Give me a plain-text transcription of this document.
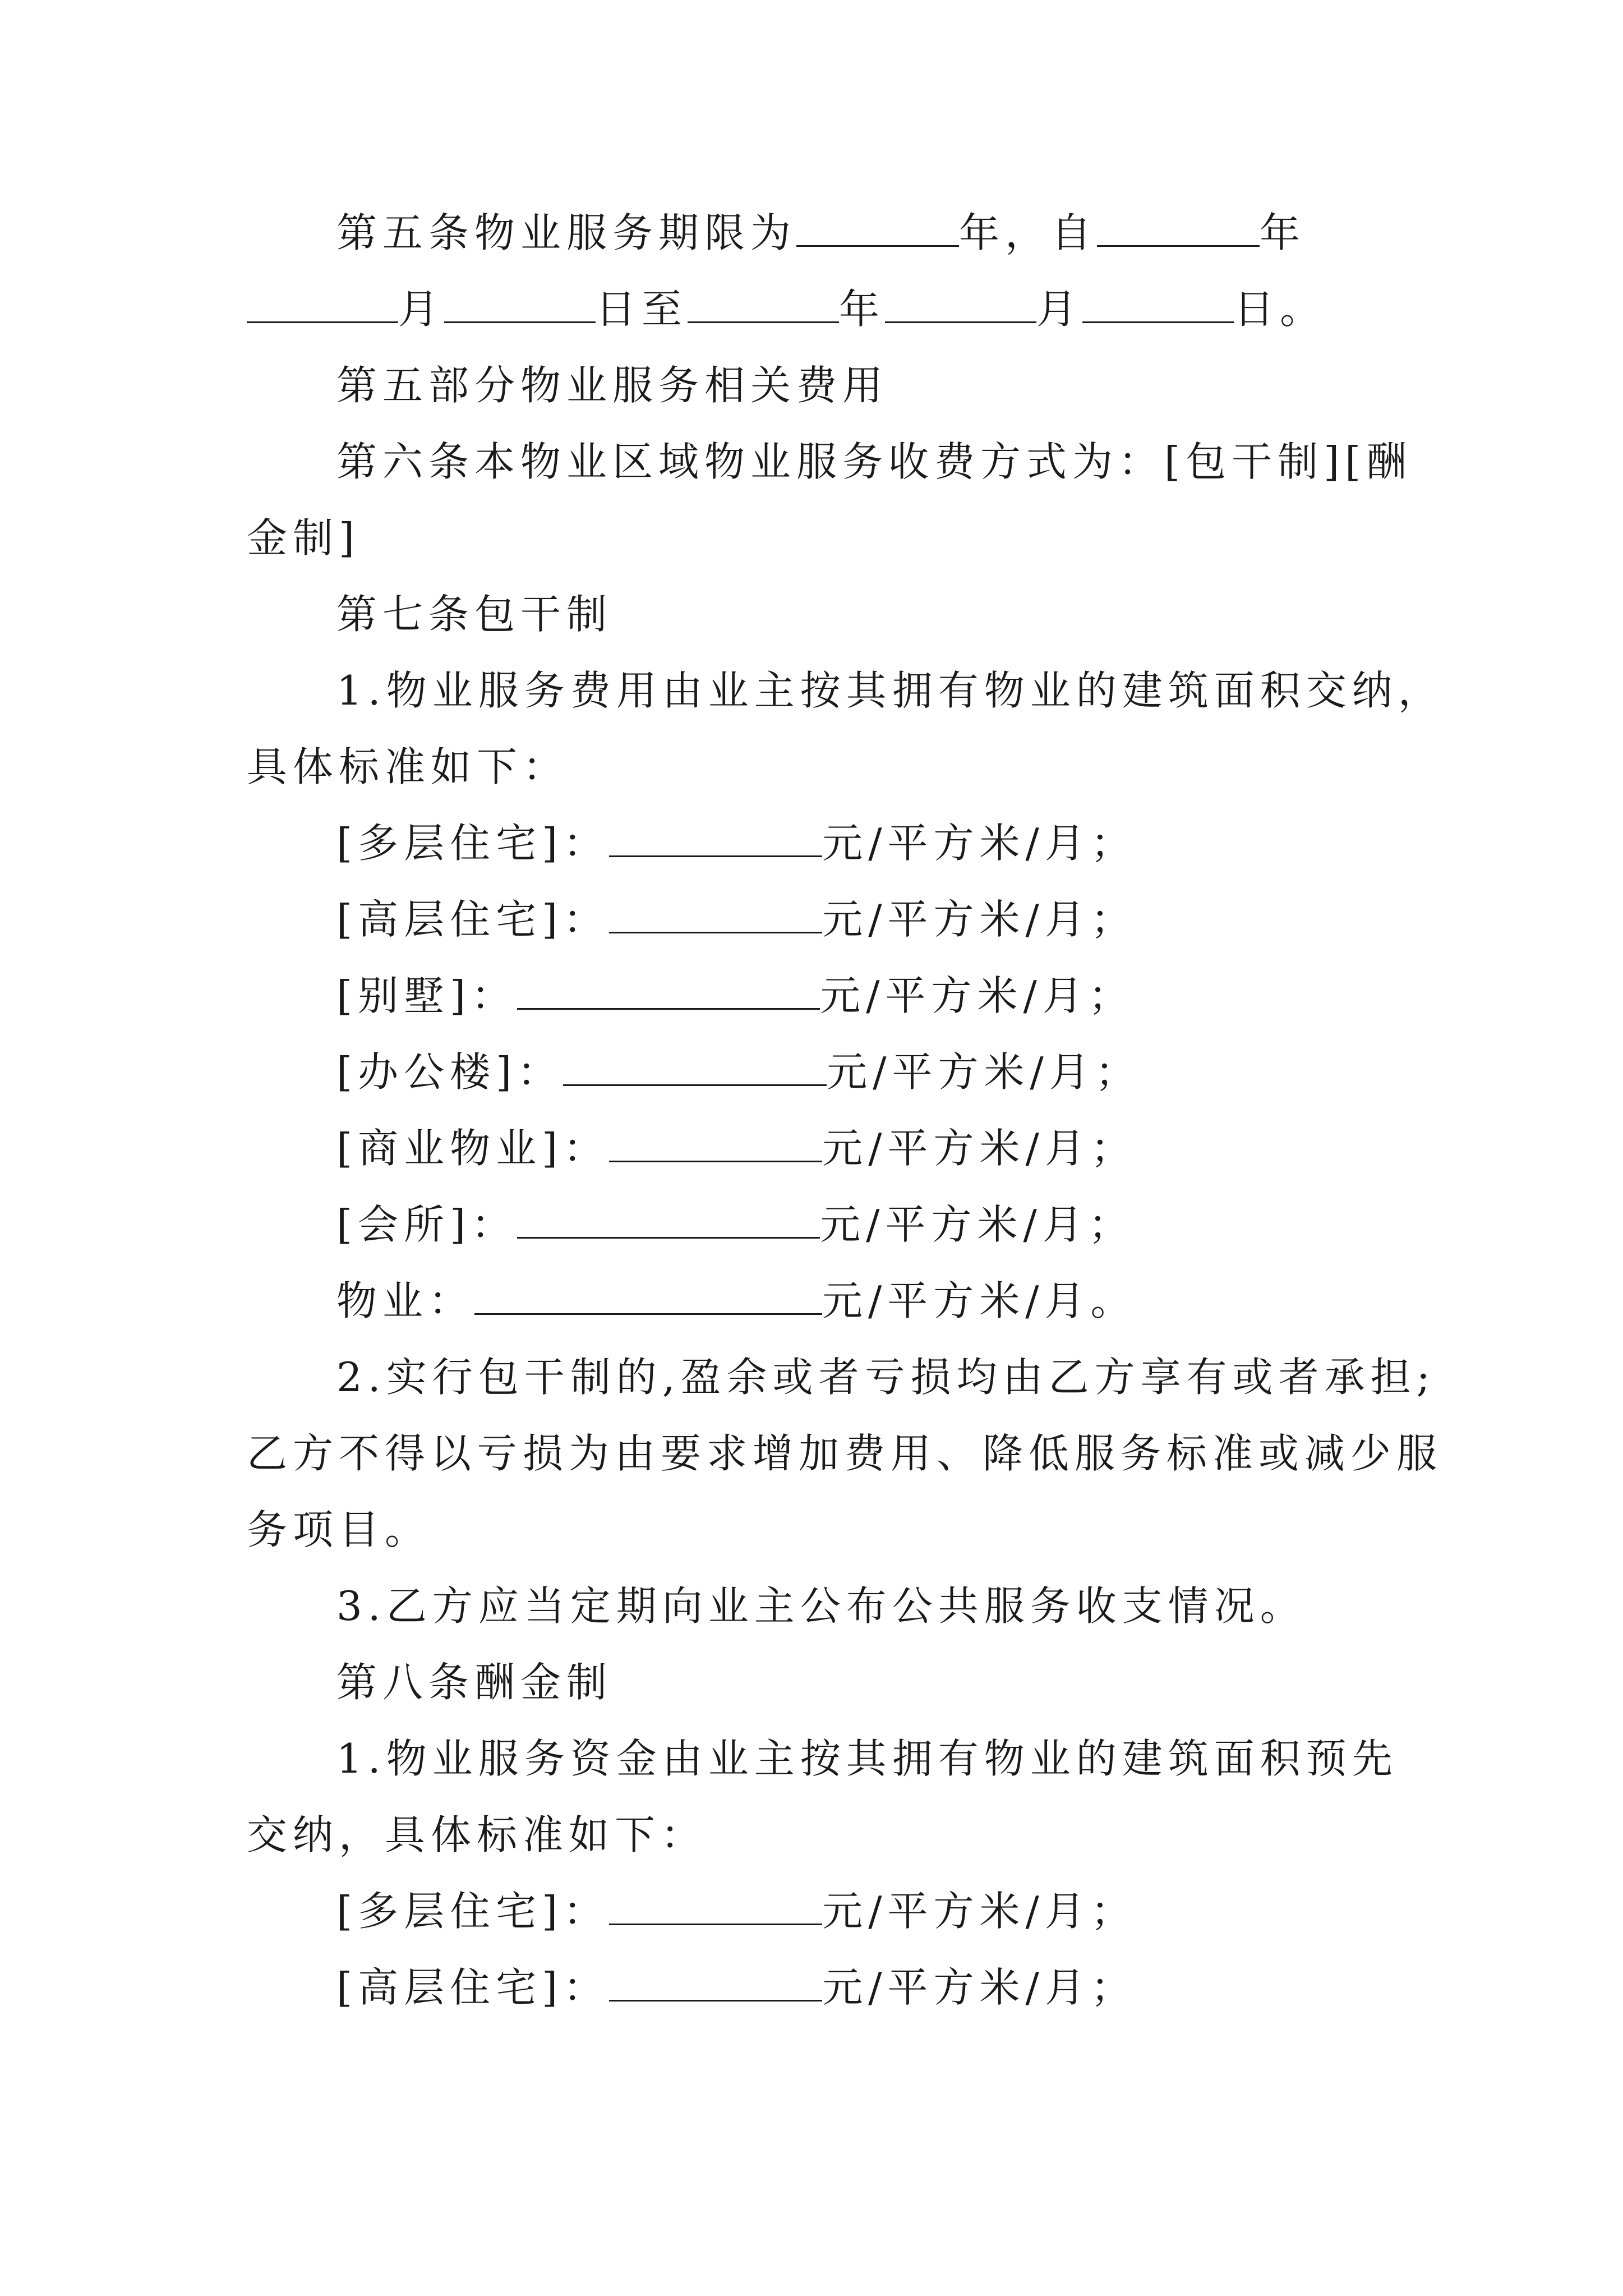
第五条物业服务期限为	年，自	年
月	日至	年	月	日。
第五部分物业服务相关费用
第六条本物业区域物业服务收费方式为：[包干制][酬
金制]
第七条包干制
1.物业服务费用由业主按其拥有物业的建筑面积交纳，
具体标准如下：
[多层住宅]：	元/平方米/月；
[高层住宅]：	元/平方米/月；
[别墅]：	元/平方米/月；
[办公楼]：	元/平方米/月；
[商业物业]：	元/平方米/月；
[会所]：	元/平方米/月；
物业：	元/平方米/月。
2.实行包干制的,盈余或者亏损均由乙方享有或者承担;
乙方不得以亏损为由要求增加费用、降低服务标准或减少服
务项目。
3.乙方应当定期向业主公布公共服务收支情况。
第八条酬金制
1.物业服务资金由业主按其拥有物业的建筑面积预先
交纳，具体标准如下：
[多层住宅]：	元/平方米/月；
[高层住宅]：	元/平方米/月；
